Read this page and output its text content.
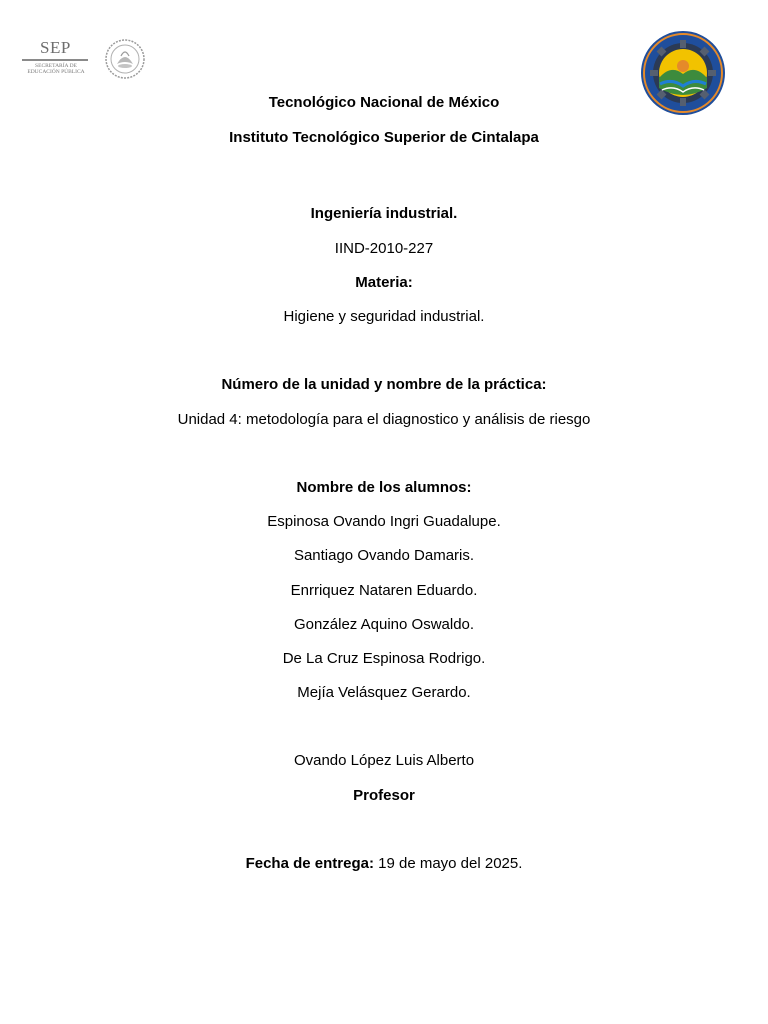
SEP
SECRETARÍA DE
EDUCACIÓN PÚBLICA
Tecnológico Nacional de México
Instituto Tecnológico Superior de Cintalapa
Ingeniería industrial.
IIND-2010-227
Materia:
Higiene y seguridad industrial.
Número de la unidad y nombre de la práctica:
Unidad 4: metodología para el diagnostico y análisis de riesgo
Nombre de los alumnos:
Espinosa Ovando Ingri Guadalupe.
Santiago Ovando Damaris.
Enrriquez Nataren Eduardo.
González Aquino Oswaldo.
De La Cruz Espinosa Rodrigo.
Mejía Velásquez Gerardo.
Ovando López Luis Alberto
Profesor
Fecha de entrega: 19 de mayo del 2025.
